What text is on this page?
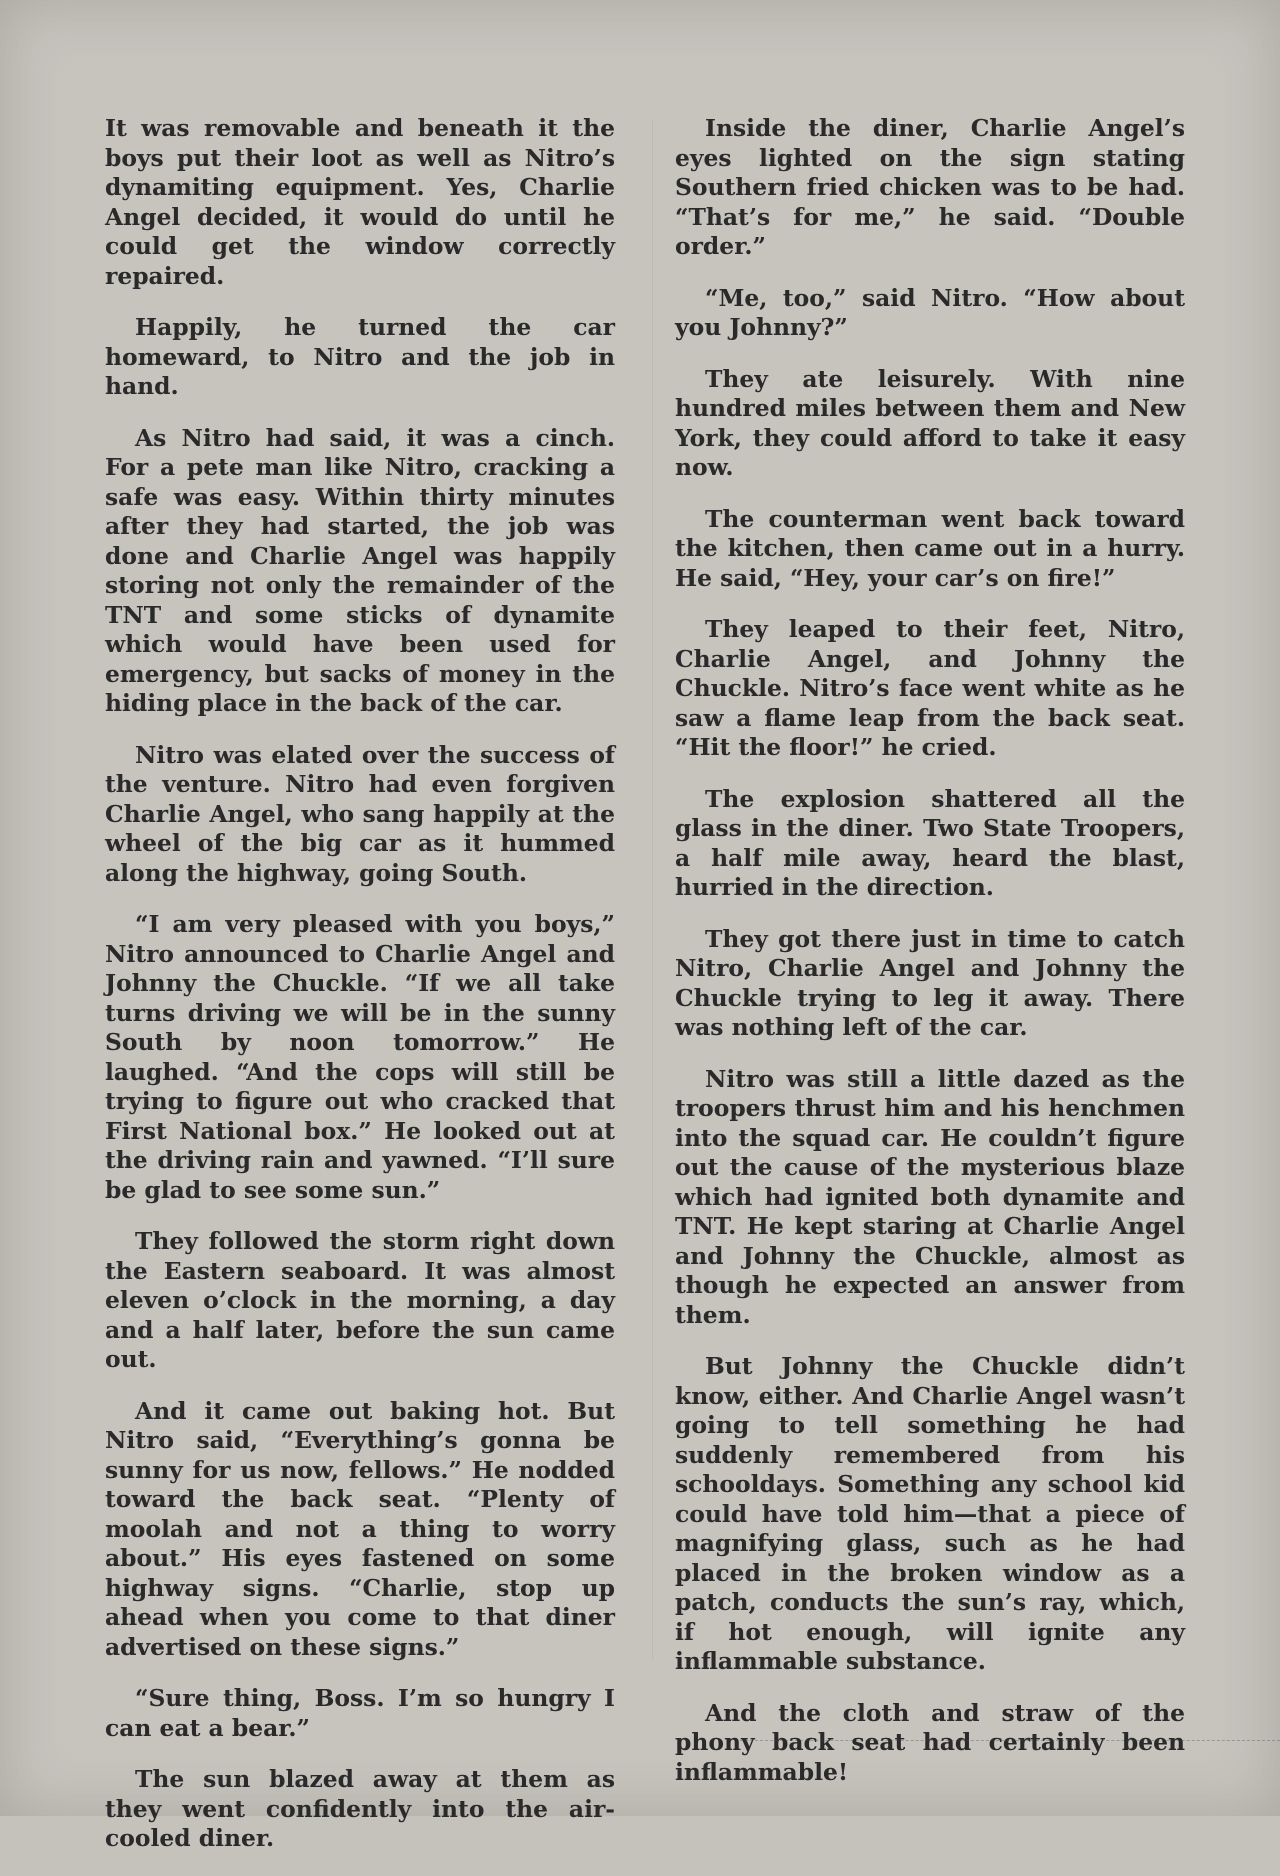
It was removable and beneath it the boys put their loot as well as Nitro’s dynamiting equipment. Yes, Charlie Angel decided, it would do until he could get the window correctly repaired.

Happily, he turned the car homeward, to Nitro and the job in hand.

As Nitro had said, it was a cinch. For a pete man like Nitro, cracking a safe was easy. Within thirty minutes after they had started, the job was done and Charlie Angel was happily storing not only the remainder of the TNT and some sticks of dynamite which would have been used for emergency, but sacks of money in the hiding place in the back of the car.

Nitro was elated over the success of the venture. Nitro had even forgiven Charlie Angel, who sang happily at the wheel of the big car as it hummed along the highway, going South.

“I am very pleased with you boys,” Nitro announced to Charlie Angel and Johnny the Chuckle. “If we all take turns driving we will be in the sunny South by noon tomorrow.” He laughed. “And the cops will still be trying to figure out who cracked that First National box.” He looked out at the driving rain and yawned. “I’ll sure be glad to see some sun.”

They followed the storm right down the Eastern seaboard. It was almost eleven o’clock in the morning, a day and a half later, before the sun came out.

And it came out baking hot. But Nitro said, “Everything’s gonna be sunny for us now, fellows.” He nodded toward the back seat. “Plenty of moolah and not a thing to worry about.” His eyes fastened on some highway signs. “Charlie, stop up ahead when you come to that diner advertised on these signs.”

“Sure thing, Boss. I’m so hungry I can eat a bear.”

The sun blazed away at them as they went confidently into the air-cooled diner.

Inside the diner, Charlie Angel’s eyes lighted on the sign stating Southern fried chicken was to be had. “That’s for me,” he said. “Double order.”

“Me, too,” said Nitro. “How about you Johnny?”

They ate leisurely. With nine hundred miles between them and New York, they could afford to take it easy now.

The counterman went back toward the kitchen, then came out in a hurry. He said, “Hey, your car’s on fire!”

They leaped to their feet, Nitro, Charlie Angel, and Johnny the Chuckle. Nitro’s face went white as he saw a flame leap from the back seat. “Hit the floor!” he cried.

The explosion shattered all the glass in the diner. Two State Troopers, a half mile away, heard the blast, hurried in the direction.

They got there just in time to catch Nitro, Charlie Angel and Johnny the Chuckle trying to leg it away. There was nothing left of the car.

Nitro was still a little dazed as the troopers thrust him and his henchmen into the squad car. He couldn’t figure out the cause of the mysterious blaze which had ignited both dynamite and TNT. He kept staring at Charlie Angel and Johnny the Chuckle, almost as though he expected an answer from them.

But Johnny the Chuckle didn’t know, either. And Charlie Angel wasn’t going to tell something he had suddenly remembered from his schooldays. Something any school kid could have told him—that a piece of magnifying glass, such as he had placed in the broken window as a patch, conducts the sun’s ray, which, if hot enough, will ignite any inflammable substance.

And the cloth and straw of the phony back seat had certainly been inflammable!
